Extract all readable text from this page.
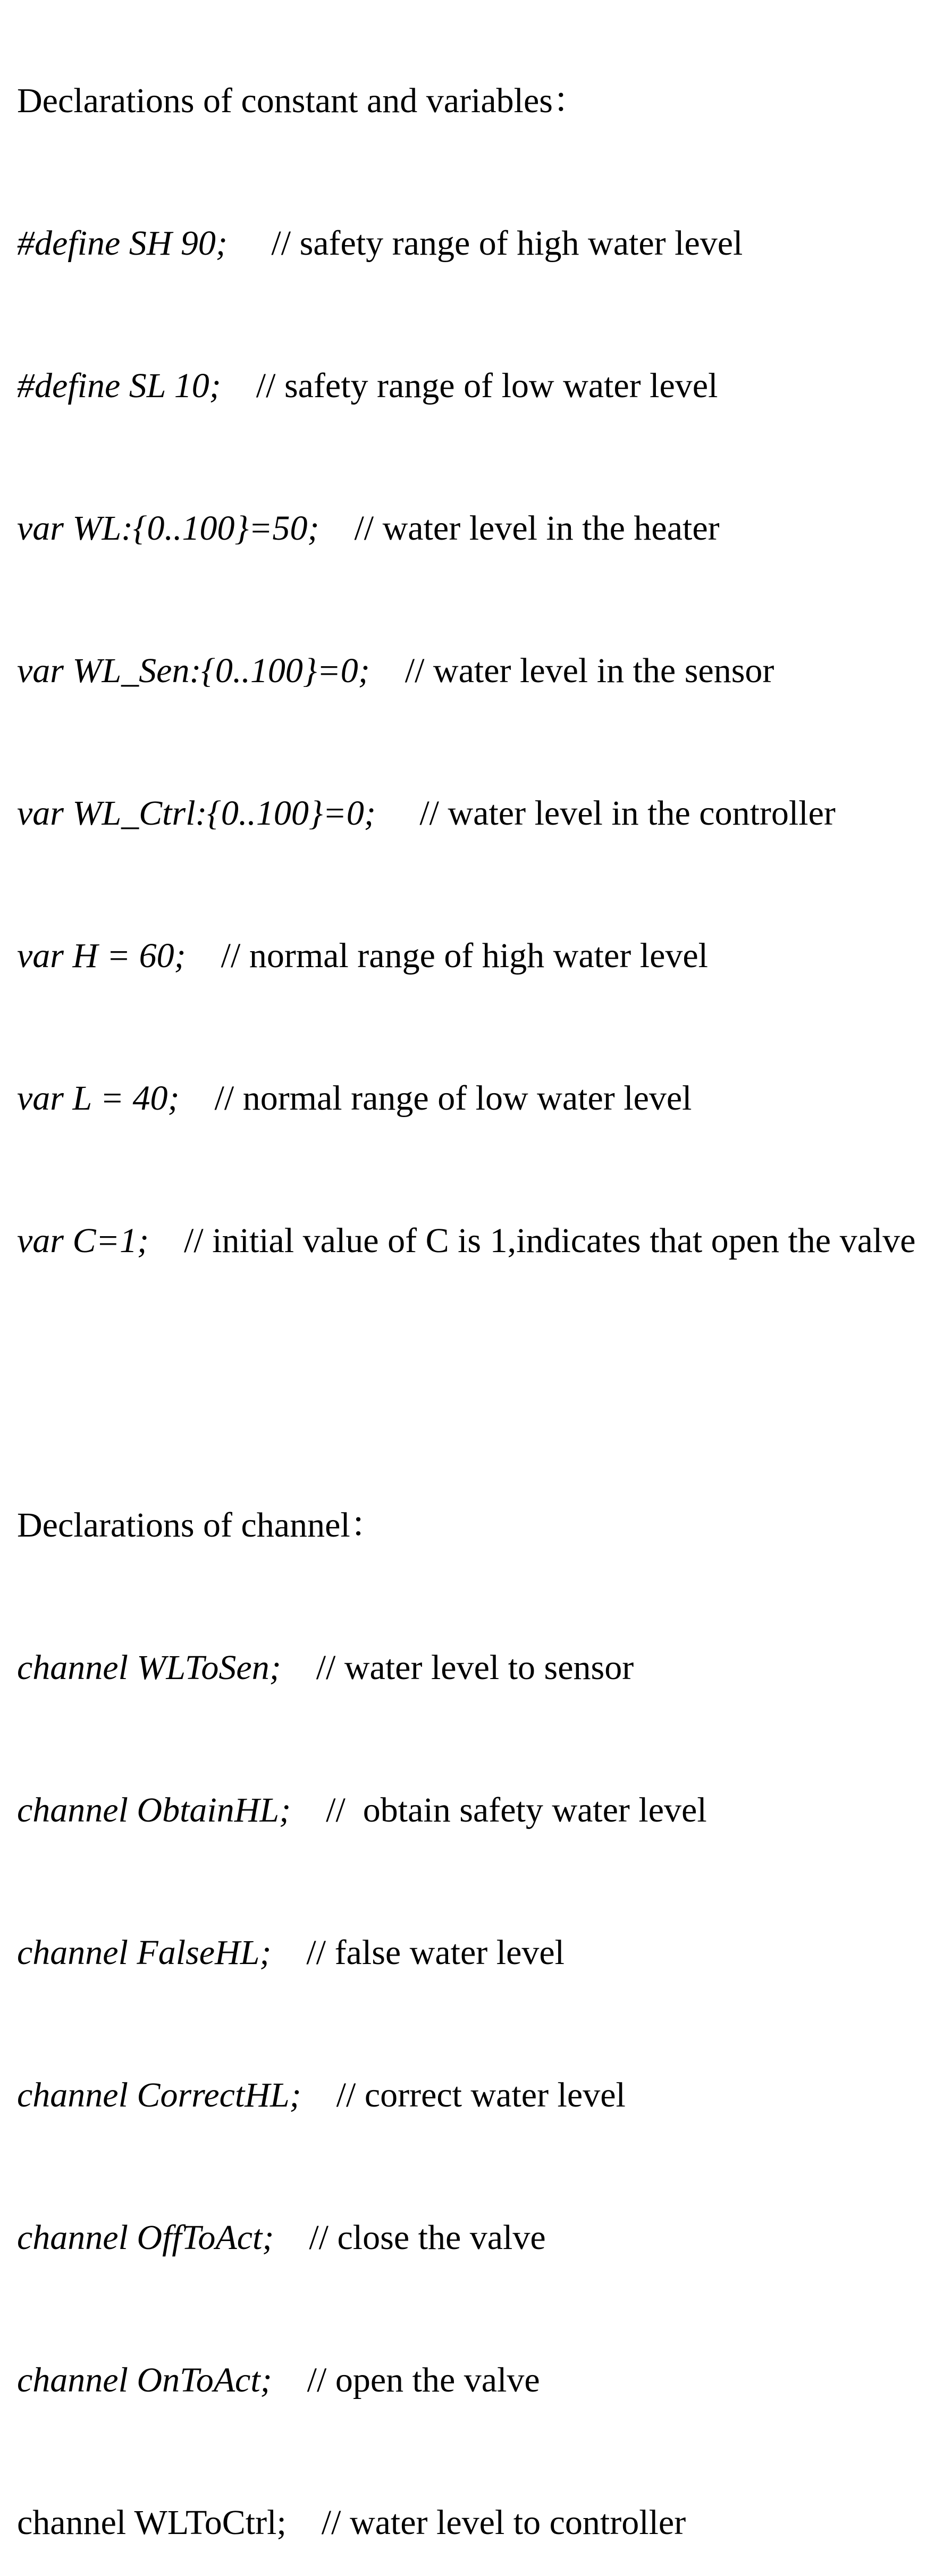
Declarations of constant and variables：

#define SH 90; // safety range of high water level

#define SL 10; // safety range of low water level

var WL:{0..100}=50; // water level in the heater

var WL_Sen:{0..100}=0; // water level in the sensor

var WL_Ctrl:{0..100}=0; // water level in the controller

var H = 60; // normal range of high water level

var L = 40; // normal range of low water level

var C=1; // initial value of C is 1,indicates that open the valve

Declarations of channel：

channel WLToSen; // water level to sensor

channel ObtainHL; //  obtain safety water level

channel FalseHL; // false water level

channel CorrectHL; // correct water level

channel OffToAct; // close the valve

channel OnToAct; // open the valve

channel WLToCtrl; // water level to controller
